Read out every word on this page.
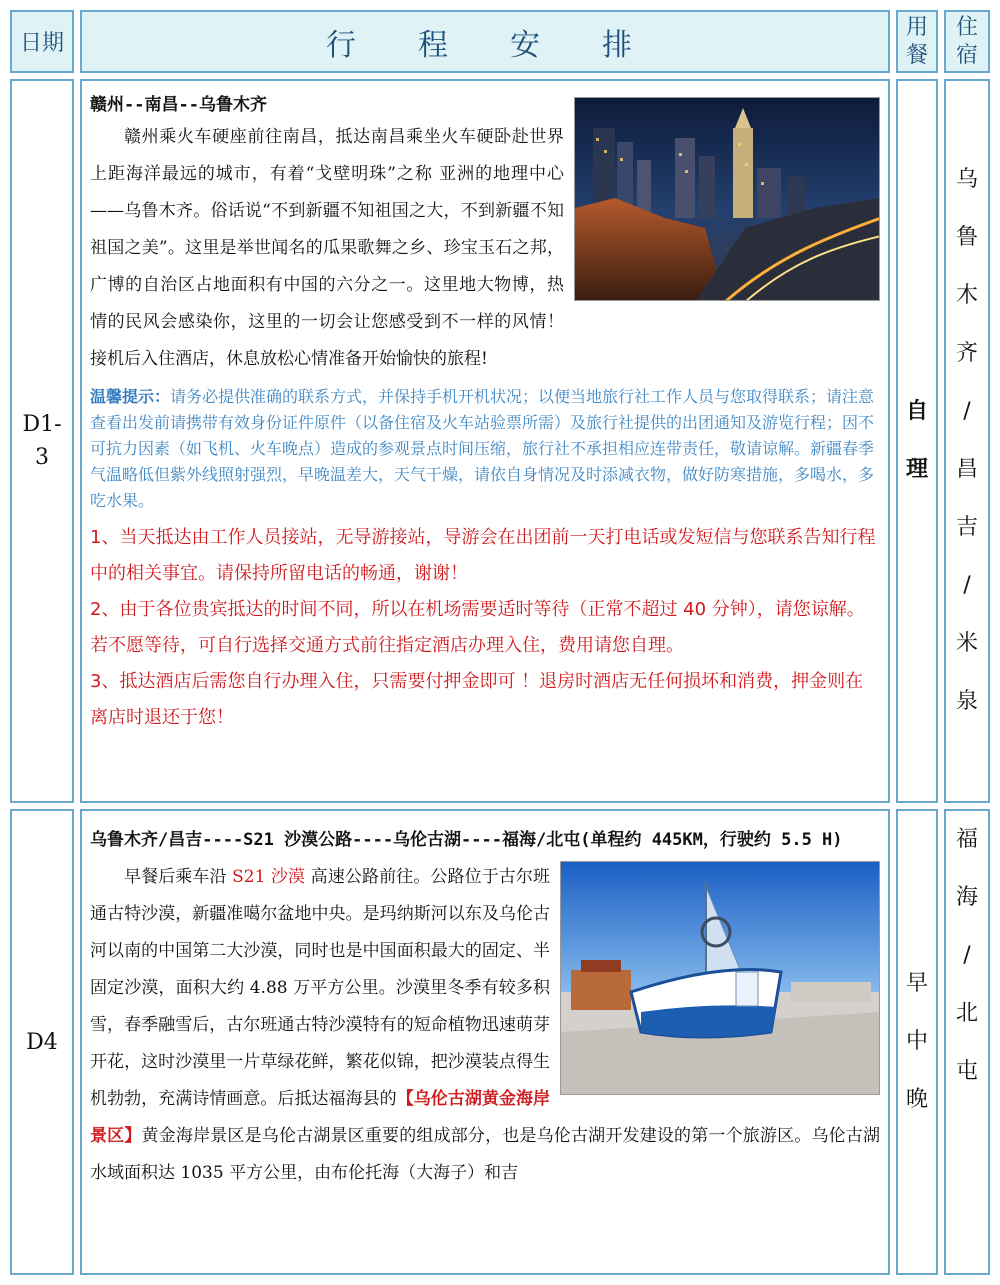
日期	行程安排
用
餐
住
宿
D1-
3
赣州--南昌--乌鲁木齐
赣州乘火车硬座前往南昌，抵达南昌乘坐火车硬卧赴世界上距海洋最远的城市，有着“戈壁明珠”之称 亚洲的地理中心——乌鲁木齐。俗话说“不到新疆不知祖国之大，不到新疆不知祖国之美”。这里是举世闻名的瓜果歌舞之乡、珍宝玉石之邦，广博的自治区占地面积有中国的六分之一。这里地大物博，热情的民风会感染你，这里的一切会让您感受到不一样的风情！接机后入住酒店，休息放松心情准备开始愉快的旅程!
温馨提示：请务必提供准确的联系方式，并保持手机开机状况；以便当地旅行社工作人员与您取得联系；请注意查看出发前请携带有效身份证件原件（以备住宿及火车站验票所需）及旅行社提供的出团通知及游览行程；因不可抗力因素（如飞机、火车晚点）造成的参观景点时间压缩，旅行社不承担相应连带责任，敬请谅解。新疆春季气温略低但紫外线照射强烈，早晚温差大，天气干燥，请依自身情况及时添减衣物，做好防寒措施，多喝水，多吃水果。
1、当天抵达由工作人员接站，无导游接站，导游会在出团前一天打电话或发短信与您联系告知行程中的相关事宜。请保持所留电话的畅通，谢谢！
2、由于各位贵宾抵达的时间不同，所以在机场需要适时等待（正常不超过 40 分钟），请您谅解。若不愿等待，可自行选择交通方式前往指定酒店办理入住，费用请您自理。
3、抵达酒店后需您自行办理入住，只需要付押金即可 ！退房时酒店无任何损坏和消费，押金则在离店时退还于您！
自
理
乌
鲁
木
齐
/
昌
吉
/
米
泉
D4
乌鲁木齐/昌吉----S21 沙漠公路----乌伦古湖----福海/北屯(单程约 445KM，行驶约 5.5 H)
早餐后乘车沿 S21 沙漠 高速公路前往。公路位于古尔班通古特沙漠，新疆准噶尔盆地中央。是玛纳斯河以东及乌伦古河以南的中国第二大沙漠，同时也是中国面积最大的固定、半固定沙漠，面积大约 4.88 万平方公里。沙漠里冬季有较多积雪，春季融雪后，古尔班通古特沙漠特有的短命植物迅速萌芽开花，这时沙漠里一片草绿花鲜，繁花似锦，把沙漠装点得生机勃勃，充满诗情画意。后抵达福海县的【乌伦古湖黄金海岸景区】黄金海岸景区是乌伦古湖景区重要的组成部分，也是乌伦古湖开发建设的第一个旅游区。乌伦古湖水域面积达 1035 平方公里，由布伦托海（大海子）和吉
早
中
晚
福
海
/
北
屯
